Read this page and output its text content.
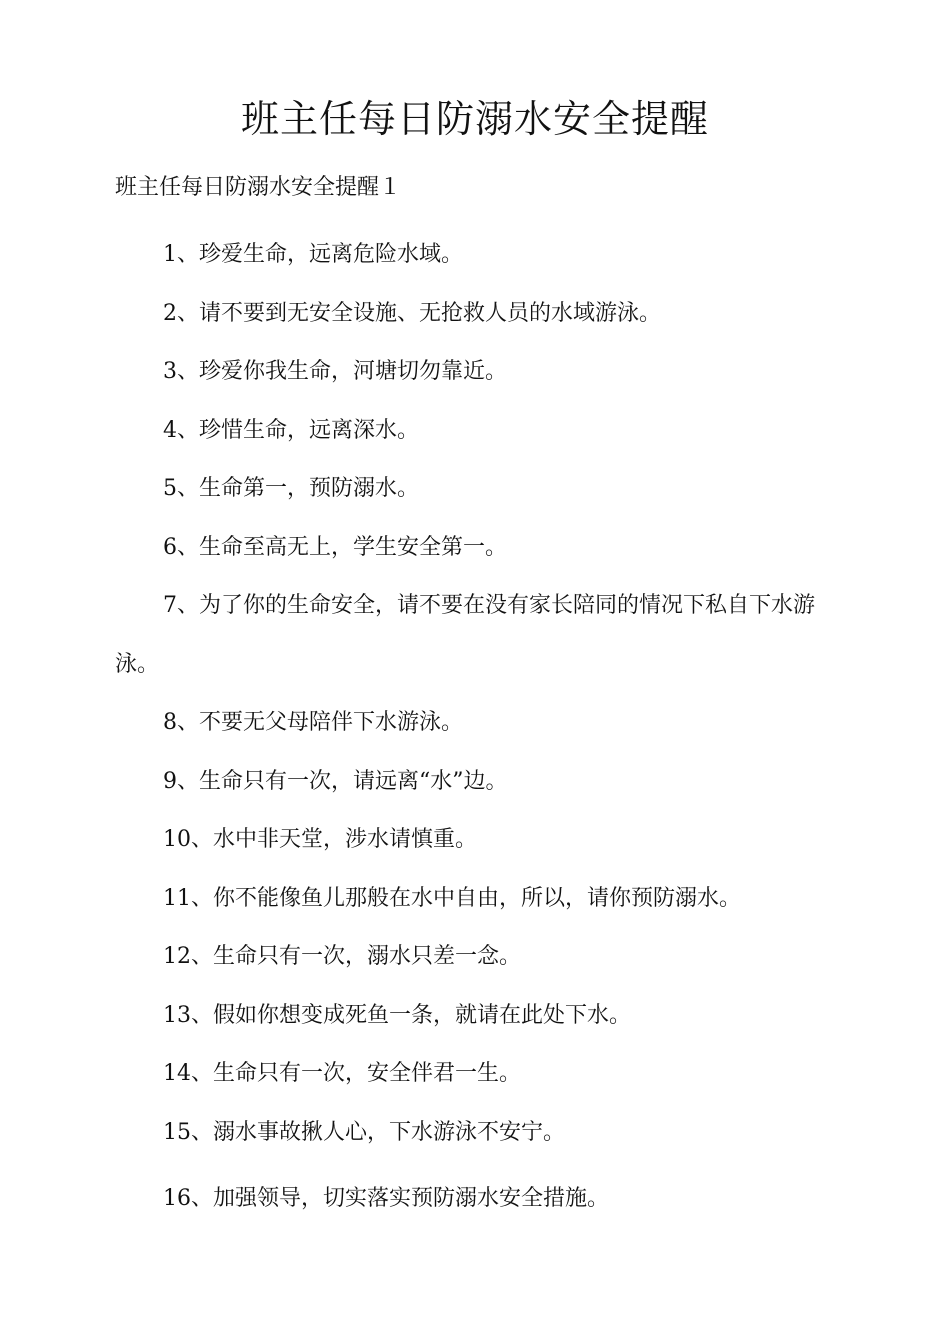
班主任每日防溺水安全提醒

班主任每日防溺水安全提醒１

1、珍爱生命，远离危险水域。
2、请不要到无安全设施、无抢救人员的水域游泳。
3、珍爱你我生命，河塘切勿靠近。
4、珍惜生命，远离深水。
5、生命第一，预防溺水。
6、生命至高无上，学生安全第一。
7、为了你的生命安全，请不要在没有家长陪同的情况下私自下水游泳。
8、不要无父母陪伴下水游泳。
9、生命只有一次，请远离“水”边。
10、水中非天堂，涉水请慎重。
11、你不能像鱼儿那般在水中自由，所以，请你预防溺水。
12、生命只有一次，溺水只差一念。
13、假如你想变成死鱼一条，就请在此处下水。
14、生命只有一次，安全伴君一生。
15、溺水事故揪人心，下水游泳不安宁。
16、加强领导，切实落实预防溺水安全措施。
